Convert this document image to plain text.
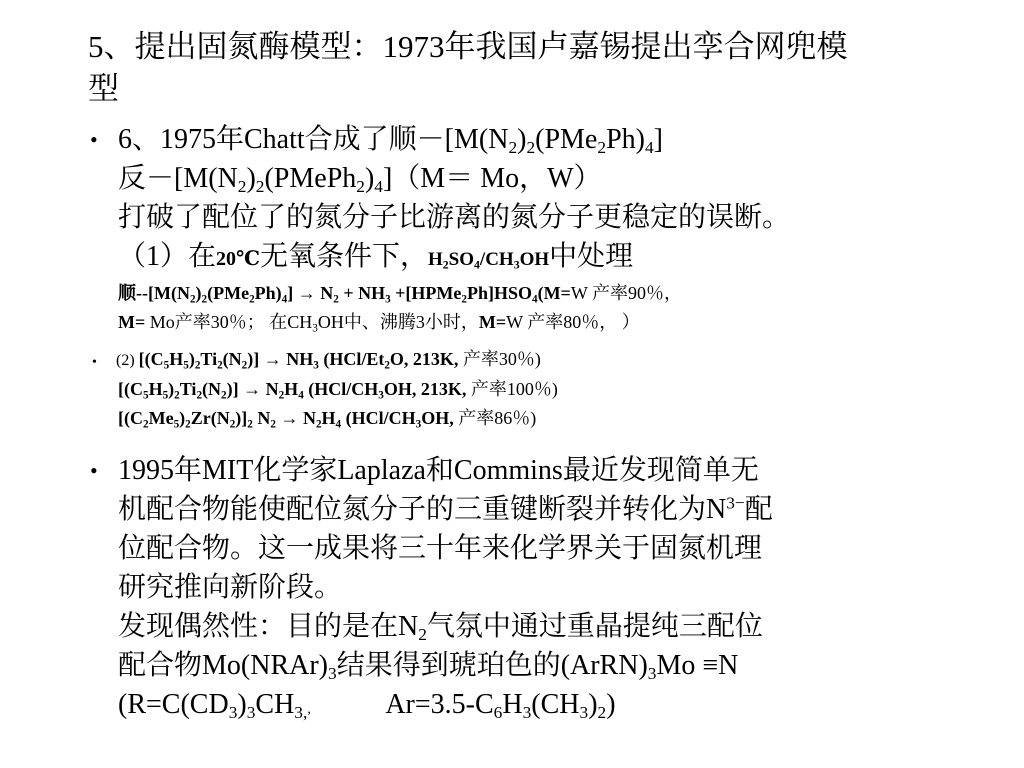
5、提出固氮酶模型：1973年我国卢嘉锡提出孪合网兜模
型
• 6、1975年Chatt合成了顺$-[M(N_2)_2(PMe_2Ph)_4]$
反$-[M(N_2)_2(PMePh_2)_4](M= Mo$，W）
打破了配位了的氮分子比游离的氮分子更稳定的误断。
（1）在20℃无氧条件下，$H_2SO_4/CH_3OH$中处理
顺$--[M(N_2)_2(PMe_2Ph)_4] \to N_2 + NH_3$ $+[HPMe_2Ph]HSO_4(M=W$ 产率90％，
M= Mo产率30％； 在$CH_3OH$中、沸腾3小时，M=W 产率80％， ）
• (2) $[(C_5H_5)_2Ti_2(N_2)] \to NH_3$ ($HCl/Et_2O$, 213K, 产率30％)
$[(C_5H_5)_2Ti_2(N_2)] \to N_2H_4$ ($HCl/CH_3OH$, 213K, 产率100％)
$[(C_2Me_5)_2Zr(N_2)]_2$ $N_2 \to N_2H_4$ ($HCl/CH_3OH$, 产率86％)
• 1995年MIT化学家Laplaza和Commins最近发现简单无
机配合物能使配位氮分子的三重键断裂并转化为$N^{3-}$配
位配合物。这一成果将三十年来化学界关于固氮机理
研究推向新阶段。
发现偶然性：目的是在$N_2$气氛中通过重晶提纯三配位
配合物$Mo(NRAr)_3$结果得到琥珀色的$(ArRN)_3Mo \equiv N$
($R=C(CD_3)_3CH_{3,}$,	$Ar=3.5-C_6H_3(CH_3)_2$)
